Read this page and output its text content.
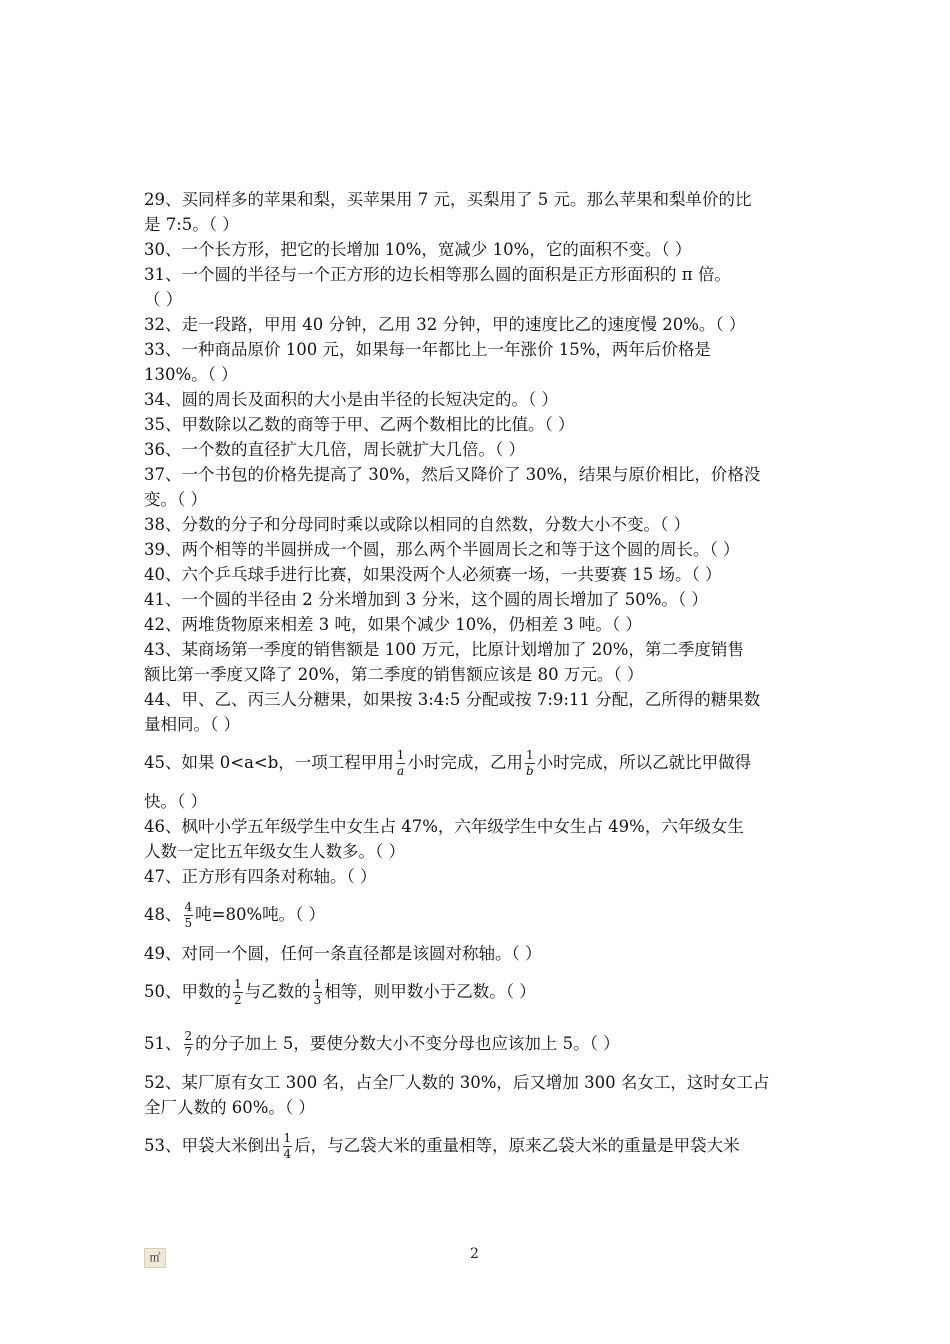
29、买同样多的苹果和梨，买苹果用 7 元，买梨用了 5 元。那么苹果和梨单价的比
是 7:5。（ ）
30、一个长方形，把它的长增加 10%，宽减少 10%，它的面积不变。（ ）
31、一个圆的半径与一个正方形的边长相等那么圆的面积是正方形面积的 π 倍。
（ ）
32、走一段路，甲用 40 分钟，乙用 32 分钟，甲的速度比乙的速度慢 20%。（ ）
33、一种商品原价 100 元，如果每一年都比上一年涨价 15%，两年后价格是
130%。（ ）
34、圆的周长及面积的大小是由半径的长短决定的。（ ）
35、甲数除以乙数的商等于甲、乙两个数相比的比值。（ ）
36、一个数的直径扩大几倍，周长就扩大几倍。（ ）
37、一个书包的价格先提高了 30%，然后又降价了 30%，结果与原价相比，价格没
变。（ ）
38、分数的分子和分母同时乘以或除以相同的自然数，分数大小不变。（ ）
39、两个相等的半圆拼成一个圆，那么两个半圆周长之和等于这个圆的周长。（ ）
40、六个乒乓球手进行比赛，如果没两个人必须赛一场，一共要赛 15 场。（ ）
41、一个圆的半径由 2 分米增加到 3 分米，这个圆的周长增加了 50%。（ ）
42、两堆货物原来相差 3 吨，如果个减少 10%，仍相差 3 吨。（ ）
43、某商场第一季度的销售额是 100 万元，比原计划增加了 20%，第二季度销售
额比第一季度又降了 20%，第二季度的销售额应该是 80 万元。（ ）
44、甲、乙、丙三人分糖果，如果按 3:4:5 分配或按 7:9:11 分配，乙所得的糖果数
量相同。（ ）
45、如果 0<a<b，一项工程甲用 $\frac{1}{a}$ 小时完成，乙用 $\frac{1}{b}$ 小时完成，所以乙就比甲做得
快。（ ）
46、枫叶小学五年级学生中女生占 47%，六年级学生中女生占 49%，六年级女生
人数一定比五年级女生人数多。（ ）
47、正方形有四条对称轴。（ ）
48、 $\frac{4}{5}$ 吨=80%吨。（ ）
49、对同一个圆，任何一条直径都是该圆对称轴。（ ）
50、甲数的 $\frac{1}{2}$ 与乙数的 $\frac{1}{3}$ 相等，则甲数小于乙数。（ ）
51、 $\frac{2}{7}$ 的分子加上 5，要使分数大小不变分母也应该加上 5。（ ）
52、某厂原有女工 300 名，占全厂人数的 30%，后又增加 300 名女工，这时女工占
全厂人数的 60%。（ ）
53、甲袋大米倒出 $\frac{1}{4}$ 后，与乙袋大米的重量相等，原来乙袋大米的重量是甲袋大米
㎡	2
